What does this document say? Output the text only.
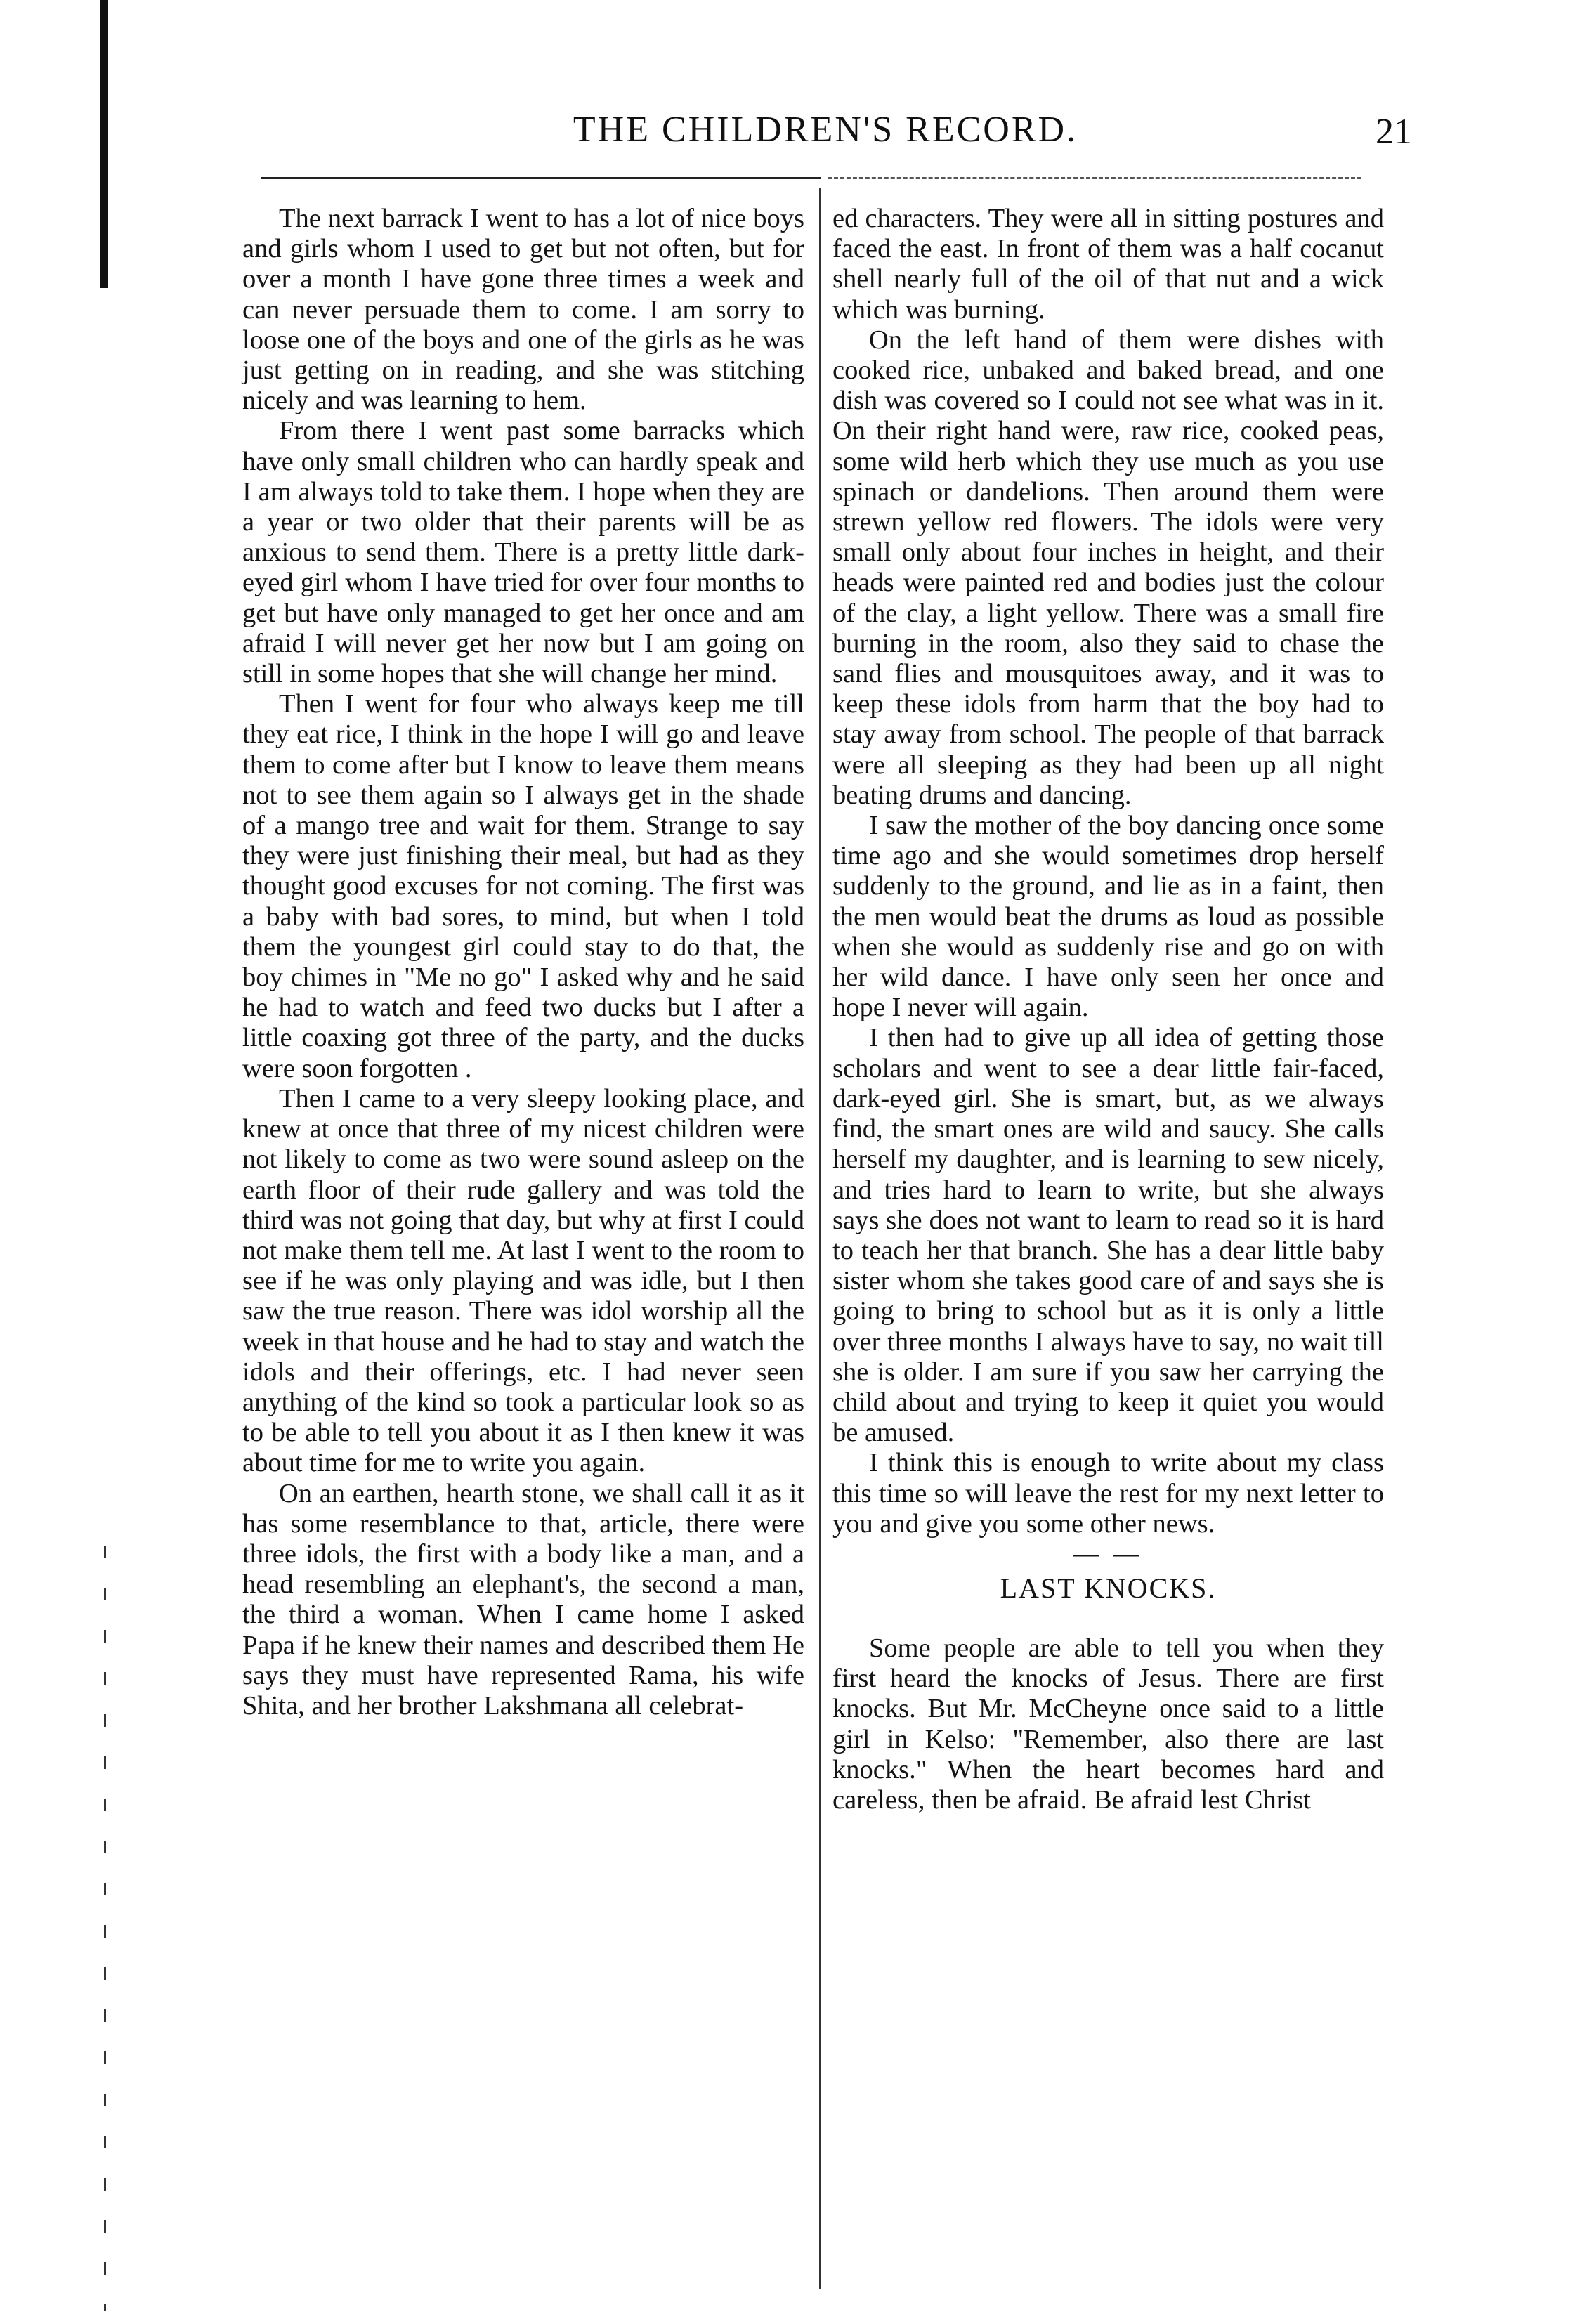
THE CHILDREN'S RECORD.	21

The next barrack I went to has a lot of nice boys and girls whom I used to get but not often, but for over a month I have gone three times a week and can never persuade them to come. I am sorry to loose one of the boys and one of the girls as he was just getting on in reading, and she was stitching nicely and was learning to hem.

From there I went past some barracks which have only small children who can hardly speak and I am always told to take them. I hope when they are a year or two older that their parents will be as anxious to send them. There is a pretty little dark-eyed girl whom I have tried for over four months to get but have only managed to get her once and am afraid I will never get her now but I am going on still in some hopes that she will change her mind.

Then I went for four who always keep me till they eat rice, I think in the hope I will go and leave them to come after but I know to leave them means not to see them again so I always get in the shade of a mango tree and wait for them. Strange to say they were just finishing their meal, but had as they thought good excuses for not coming. The first was a baby with bad sores, to mind, but when I told them the youngest girl could stay to do that, the boy chimes in "Me no go" I asked why and he said he had to watch and feed two ducks but I after a little coaxing got three of the party, and the ducks were soon forgotten .

Then I came to a very sleepy looking place, and knew at once that three of my nicest children were not likely to come as two were sound asleep on the earth floor of their rude gallery and was told the third was not going that day, but why at first I could not make them tell me. At last I went to the room to see if he was only playing and was idle, but I then saw the true reason. There was idol worship all the week in that house and he had to stay and watch the idols and their offerings, etc. I had never seen anything of the kind so took a particular look so as to be able to tell you about it as I then knew it was about time for me to write you again.

On an earthen, hearth stone, we shall call it as it has some resemblance to that, article, there were three idols, the first with a body like a man, and a head resembling an elephant's, the second a man, the third a woman. When I came home I asked Papa if he knew their names and described them He says they must have represented Rama, his wife Shita, and her brother Lakshmana all celebrat-

ed characters. They were all in sitting postures and faced the east. In front of them was a half cocanut shell nearly full of the oil of that nut and a wick which was burning.

On the left hand of them were dishes with cooked rice, unbaked and baked bread, and one dish was covered so I could not see what was in it. On their right hand were, raw rice, cooked peas, some wild herb which they use much as you use spinach or dandelions. Then around them were strewn yellow red flowers. The idols were very small only about four inches in height, and their heads were painted red and bodies just the colour of the clay, a light yellow. There was a small fire burning in the room, also they said to chase the sand flies and mousquitoes away, and it was to keep these idols from harm that the boy had to stay away from school. The people of that barrack were all sleeping as they had been up all night beating drums and dancing.

I saw the mother of the boy dancing once some time ago and she would sometimes drop herself suddenly to the ground, and lie as in a faint, then the men would beat the drums as loud as possible when she would as suddenly rise and go on with her wild dance. I have only seen her once and hope I never will again.

I then had to give up all idea of getting those scholars and went to see a dear little fair-faced, dark-eyed girl. She is smart, but, as we always find, the smart ones are wild and saucy. She calls herself my daughter, and is learning to sew nicely, and tries hard to learn to write, but she always says she does not want to learn to read so it is hard to teach her that branch. She has a dear little baby sister whom she takes good care of and says she is going to bring to school but as it is only a little over three months I always have to say, no wait till she is older. I am sure if you saw her carrying the child about and trying to keep it quiet you would be amused.

I think this is enough to write about my class this time so will leave the rest for my next letter to you and give you some other news.

— —
LAST KNOCKS.

Some people are able to tell you when they first heard the knocks of Jesus. There are first knocks. But Mr. McCheyne once said to a little girl in Kelso: "Remember, also there are last knocks." When the heart becomes hard and careless, then be afraid. Be afraid lest Christ
